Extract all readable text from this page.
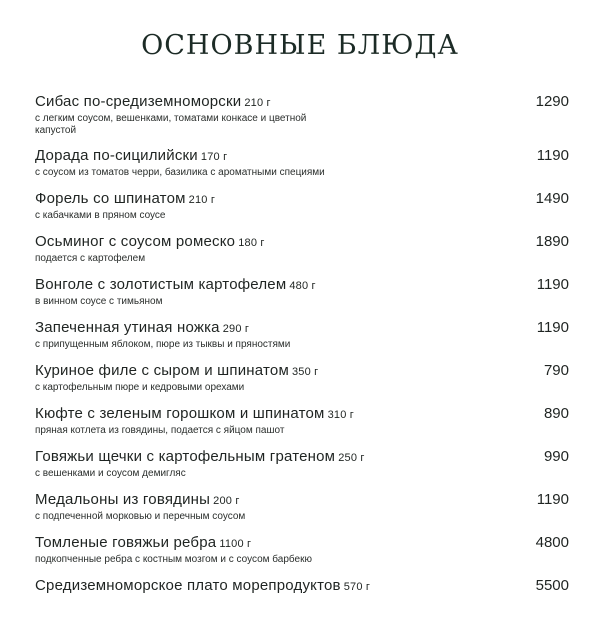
ОСНОВНЫЕ БЛЮДА
Сибас по-средиземноморски 210 г
с легким соусом, вешенками, томатами конкасе и цветной капустой
1290
Дорада по-сицилийски 170 г
с соусом из томатов черри, базилика с ароматными специями
1190
Форель со шпинатом 210 г
с кабачками в пряном соусе
1490
Осьминог с соусом ромеско 180 г
подается с картофелем
1890
Вонголе с золотистым картофелем 480 г
в винном соусе с тимьяном
1190
Запеченная утиная ножка 290 г
с припущенным яблоком, пюре из тыквы и пряностями
1190
Куриное филе с сыром и шпинатом 350 г
с картофельным пюре и кедровыми орехами
790
Кюфте с зеленым горошком и шпинатом 310 г
пряная котлета из говядины, подается с яйцом пашот
890
Говяжьи щечки с картофельным гратеном 250 г
с вешенками и соусом демигляс
990
Медальоны из говядины 200 г
с подпеченной морковью и перечным соусом
1190
Томленые говяжьи ребра 1100 г
подкопченные ребра с костным мозгом и с соусом барбекю
4800
Средиземноморское плато морепродуктов 570 г	5500
